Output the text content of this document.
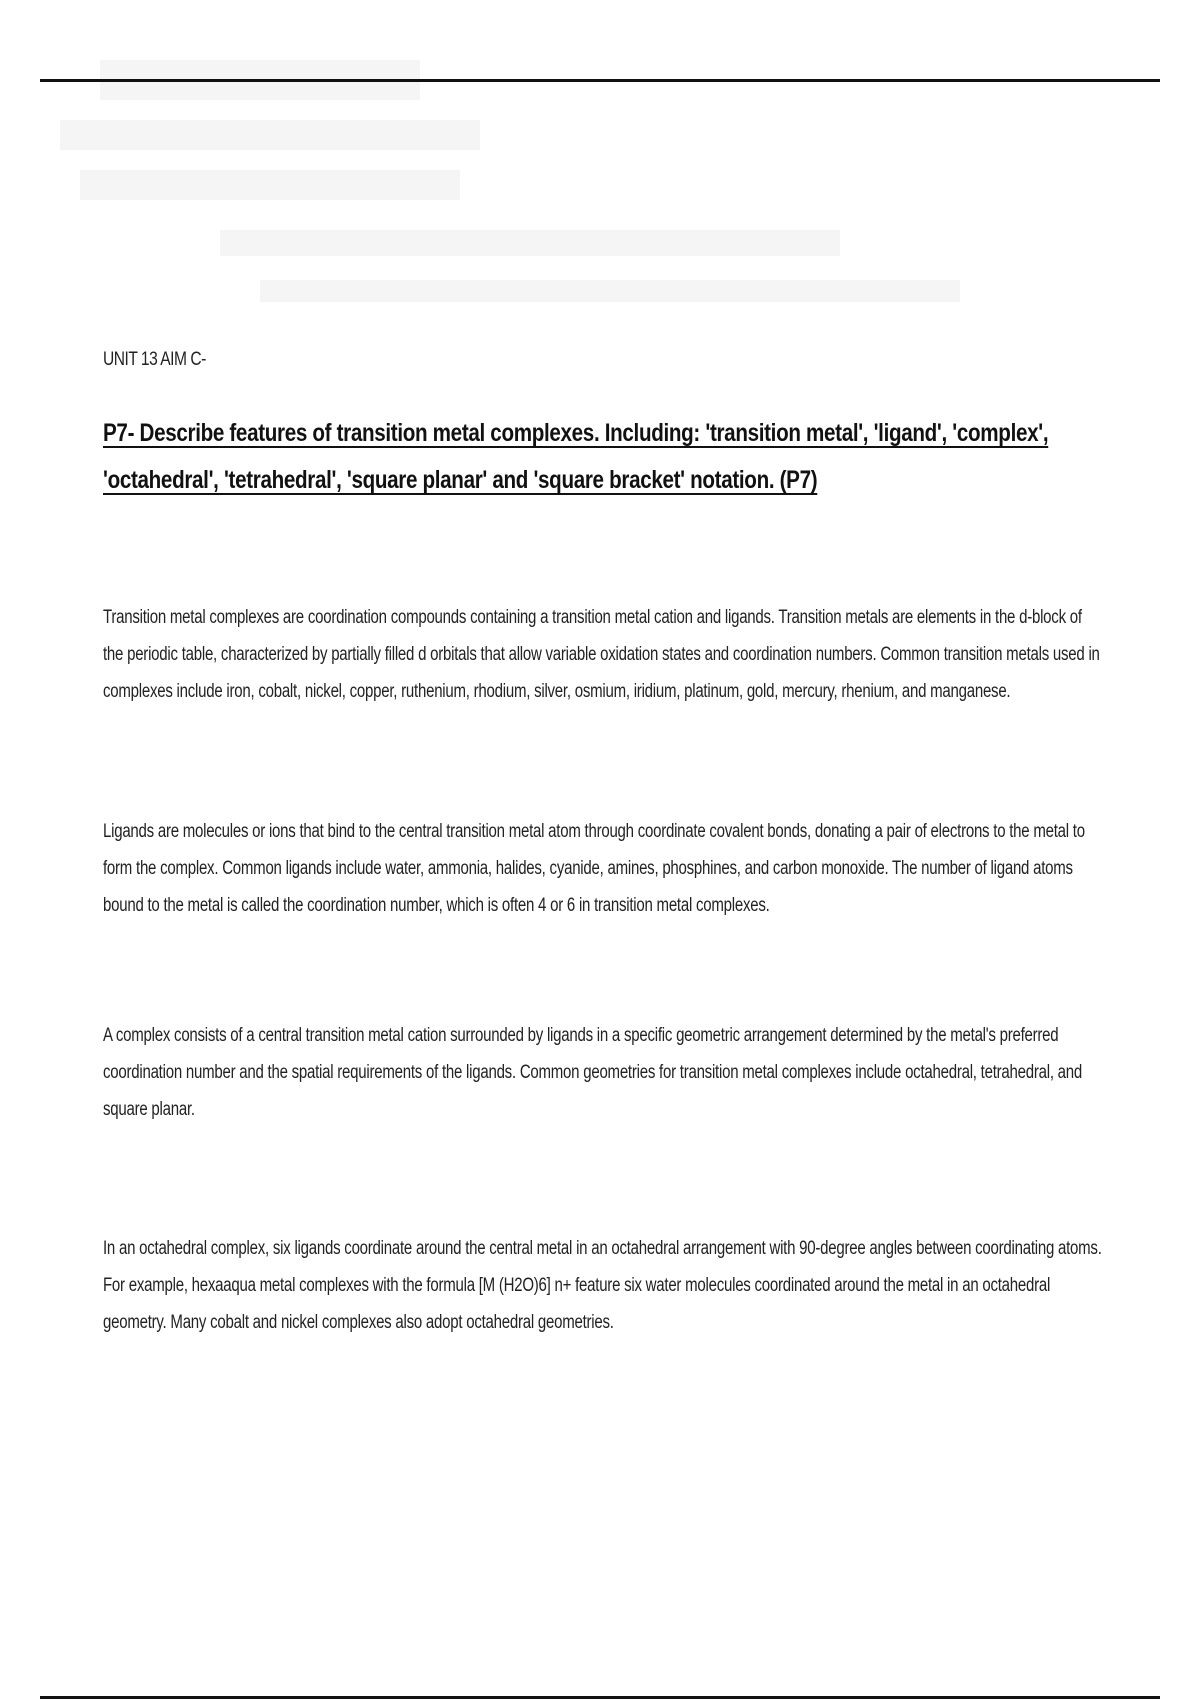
UNIT 13 AIM C-
P7- Describe features of transition metal complexes. Including: 'transition metal', 'ligand', 'complex', 'octahedral', 'tetrahedral', 'square planar' and 'square bracket' notation. (P7)
Transition metal complexes are coordination compounds containing a transition metal cation and ligands. Transition metals are elements in the d-block of the periodic table, characterized by partially filled d orbitals that allow variable oxidation states and coordination numbers. Common transition metals used in complexes include iron, cobalt, nickel, copper, ruthenium, rhodium, silver, osmium, iridium, platinum, gold, mercury, rhenium, and manganese.
Ligands are molecules or ions that bind to the central transition metal atom through coordinate covalent bonds, donating a pair of electrons to the metal to form the complex. Common ligands include water, ammonia, halides, cyanide, amines, phosphines, and carbon monoxide. The number of ligand atoms bound to the metal is called the coordination number, which is often 4 or 6 in transition metal complexes.
A complex consists of a central transition metal cation surrounded by ligands in a specific geometric arrangement determined by the metal's preferred coordination number and the spatial requirements of the ligands. Common geometries for transition metal complexes include octahedral, tetrahedral, and square planar.
In an octahedral complex, six ligands coordinate around the central metal in an octahedral arrangement with 90-degree angles between coordinating atoms. For example, hexaaqua metal complexes with the formula [M (H2O)6] n+ feature six water molecules coordinated around the metal in an octahedral geometry. Many cobalt and nickel complexes also adopt octahedral geometries.
